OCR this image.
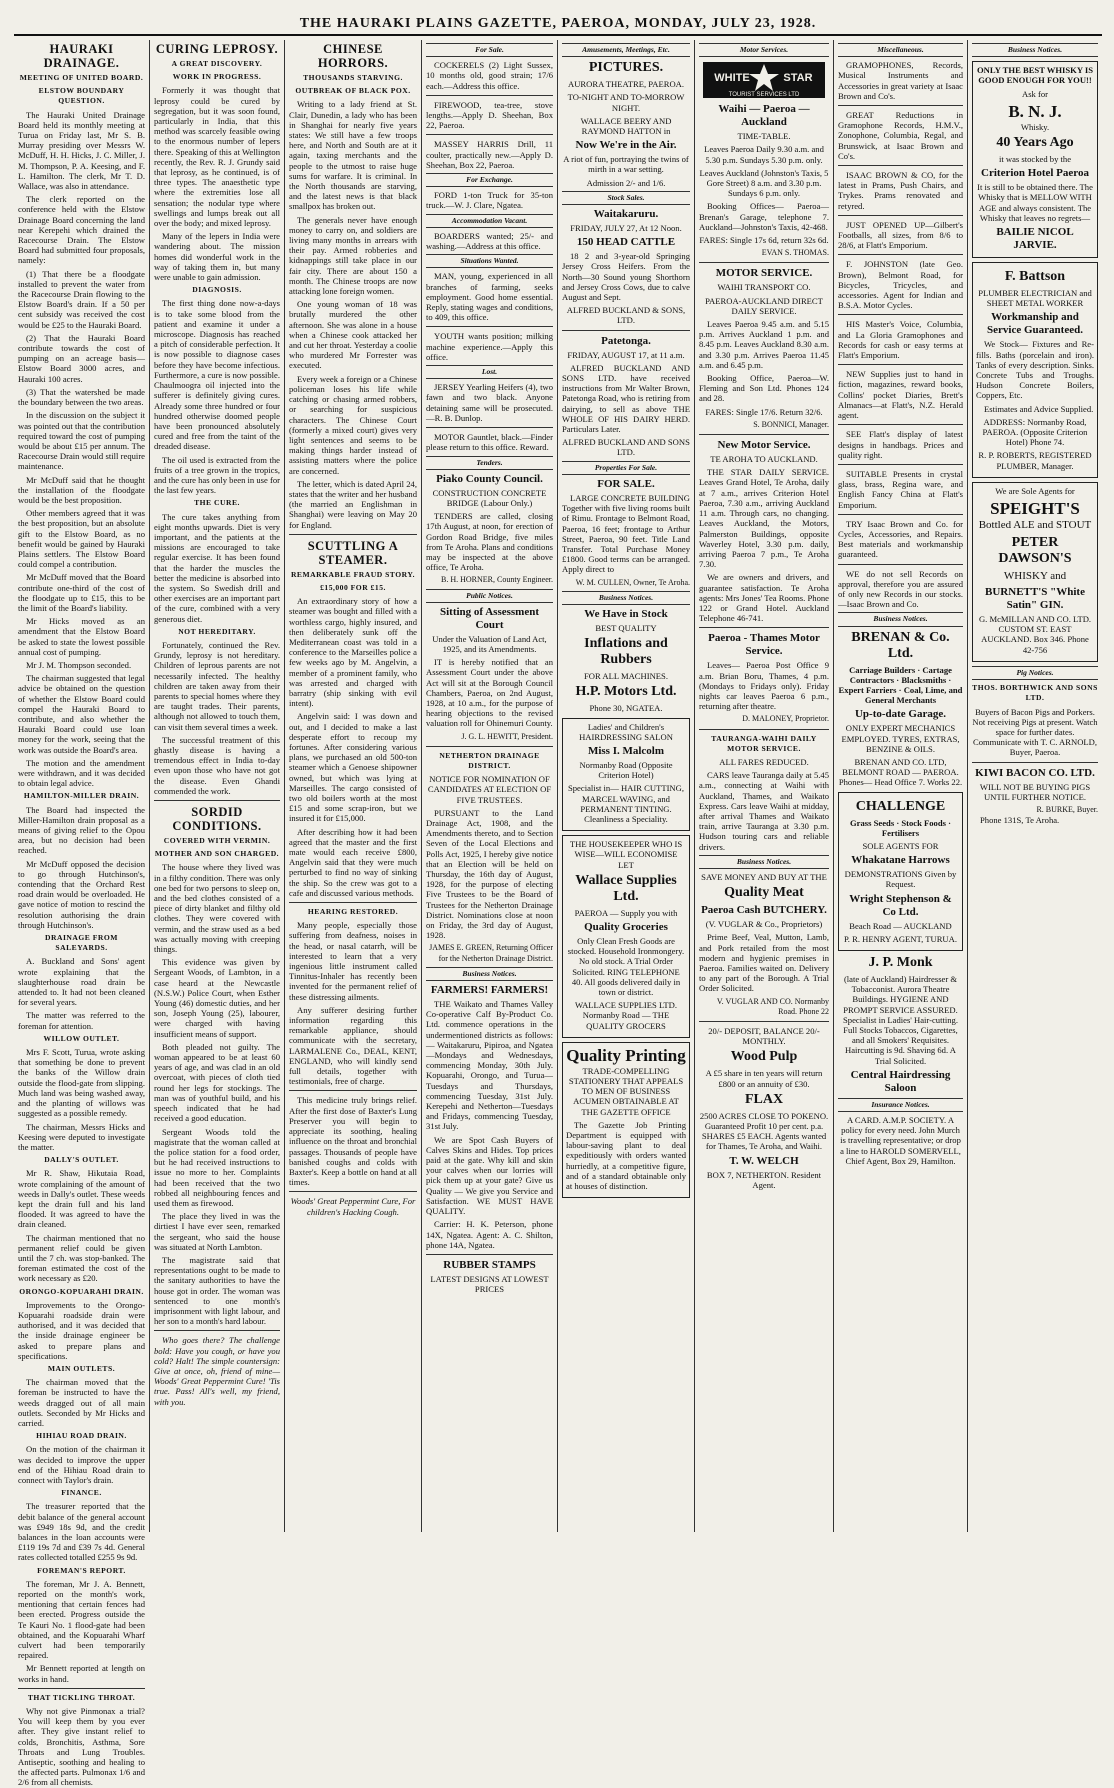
THE HAURAKI PLAINS GAZETTE, PAEROA, MONDAY, JULY 23, 1928.
HAURAKI DRAINAGE.
MEETING OF UNITED BOARD.
ELSTOW BOUNDARY QUESTION.

The Hauraki United Drainage Board held its monthly meeting at Turua on Friday last, Mr S. B. Murray presiding over Messrs W. McDuff, H. H. Hicks, J. C. Miller, J. M. Thompson, P. A. Keesing, and F. L. Hamilton. The clerk, Mr T. D. Wallace, was also in attendance.

The clerk reported on the conference held with the Elstow Drainage Board concerning the land near Kerepehi which drained the Racecourse Drain. The Elstow Board had submitted four proposals, namely:

(1) That there be a floodgate installed to prevent the water from the Racecourse Drain flowing to the Elstow Board's drain. If a 50 per cent subsidy was received the cost would be £25 to the Hauraki Board.

(2) That the Hauraki Board contribute towards the cost of pumping on an acreage basis—Elstow Board 3000 acres, and Hauraki 100 acres.

(3) That the watershed be made the boundary between the two areas.

In the discussion on the subject it was pointed out that the contribution required toward the cost of pumping would be about £15 per annum. The Racecourse Drain would still require maintenance.

Mr McDuff said that he thought the installation of the floodgate would be the best proposition.

Other members agreed that it was the best proposition, but an absolute gift to the Elstow Board, as no benefit would be gained by Hauraki Plains settlers. The Elstow Board could compel a contribution.

Mr McDuff moved that the Board contribute one-third of the cost of the floodgate up to £15, this to be the limit of the Board's liability.

Mr Hicks moved as an amendment that the Elstow Board be asked to state the lowest possible annual cost of pumping.

Mr J. M. Thompson seconded.

The chairman suggested that legal advice be obtained on the question of whether the Elstow Board could compel the Hauraki Board to contribute, and also whether the Hauraki Board could use loan money for the work, seeing that the work was outside the Board's area.

The motion and the amendment were withdrawn, and it was decided to obtain legal advice.

HAMILTON-MILLER DRAIN.

The Board had inspected the Miller-Hamilton drain proposal as a means of giving relief to the Opou area, but no decision had been reached.

Mr McDuff opposed the decision to go through Hutchinson's, contending that the Orchard Rest road drain would be overloaded. He gave notice of motion to rescind the resolution authorising the drain through Hutchinson's.

DRAINAGE FROM SALEYARDS.

A. Buckland and Sons' agent wrote explaining that the slaughterhouse road drain be attended to. It had not been cleaned for several years.

The matter was referred to the foreman for attention.

WILLOW OUTLET.

Mrs F. Scott, Turua, wrote asking that something be done to prevent the banks of the Willow drain outside the flood-gate from slipping. Much land was being washed away, and the planting of willows was suggested as a possible remedy.

The chairman, Messrs Hicks and Keesing were deputed to investigate the matter.

DALLY'S OUTLET.

Mr R. Shaw, Hikutaia Road, wrote complaining of the amount of weeds in Dally's outlet. These weeds kept the drain full and his land flooded. It was agreed to have the drain cleaned.

The chairman mentioned that no permanent relief could be given until the 7 ch. was stop-banked. The foreman estimated the cost of the work necessary as £20.

ORONGO-KOPUARAHI DRAIN.

Improvements to the Orongo-Kopuarahi roadside drain were authorised, and it was decided that the inside drainage engineer be asked to prepare plans and specifications.

MAIN OUTLETS.

The chairman moved that the foreman be instructed to have the weeds dragged out of all main outlets. Seconded by Mr Hicks and carried.

HIHIAU ROAD DRAIN.

On the motion of the chairman it was decided to improve the upper end of the Hihiau Road drain to connect with Taylor's drain.

FINANCE.

The treasurer reported that the debit balance of the general account was £949 18s 9d, and the credit balances in the loan accounts were £119 19s 7d and £39 7s 4d. General rates collected totalled £255 9s 9d.

FOREMAN'S REPORT.

The foreman, Mr J. A. Bennett, reported on the month's work, mentioning that certain fences had been erected. Progress outside the Te Kauri No. 1 flood-gate had been obtained, and the Kopuarahi Wharf culvert had been temporarily repaired.

Mr Bennett reported at length on works in hand.

THAT TICKLING THROAT.

Why not give Pinmonax a trial? You will keep them by you ever after. They give instant relief to colds, Bronchitis, Asthma, Sore Throats and Lung Troubles. Antiseptic, soothing and healing to the affected parts. Pulmonax 1/6 and 2/6 from all chemists.

CURING LEPROSY.
A GREAT DISCOVERY.
WORK IN PROGRESS.

Formerly it was thought that leprosy could be cured by segregation, but it was soon found, particularly in India, that this method was scarcely feasible owing to the enormous number of lepers there. Speaking of this at Wellington recently, the Rev. R. J. Grundy said that leprosy, as he continued, is of three types. The anaesthetic type where the extremities lose all sensation; the nodular type where swellings and lumps break out all over the body; and mixed leprosy.

Many of the lepers in India were wandering about. The mission homes did wonderful work in the way of taking them in, but many were unable to gain admission.

DIAGNOSIS.

The first thing done now-a-days is to take some blood from the patient and examine it under a microscope. Diagnosis has reached a pitch of considerable perfection. It is now possible to diagnose cases before they have become infectious. Furthermore, a cure is now possible. Chaulmoogra oil injected into the sufferer is definitely giving cures. Already some three hundred or four hundred otherwise doomed people have been pronounced absolutely cured and free from the taint of the dreaded disease.

The oil used is extracted from the fruits of a tree grown in the tropics, and the cure has only been in use for the last few years.

THE CURE.

The cure takes anything from eight months upwards. Diet is very important, and the patients at the missions are encouraged to take regular exercise. It has been found that the harder the muscles the better the medicine is absorbed into the system. So Swedish drill and other exercises are an important part of the cure, combined with a very generous diet.

NOT HEREDITARY.

Fortunately, continued the Rev. Grundy, leprosy is not hereditary. Children of leprous parents are not necessarily infected. The healthy children are taken away from their parents to special homes where they are taught trades. Their parents, although not allowed to touch them, can visit them several times a week.

The successful treatment of this ghastly disease is having a tremendous effect in India to-day even upon those who have not got the disease. Even Ghandi commended the work.

SORDID CONDITIONS.
COVERED WITH VERMIN.
MOTHER AND SON CHARGED.

The house where they lived was in a filthy condition. There was only one bed for two persons to sleep on, and the bed clothes consisted of a piece of dirty blanket and filthy old clothes. They were covered with vermin, and the straw used as a bed was actually moving with creeping things.

This evidence was given by Sergeant Woods, of Lambton, in a case heard at the Newcastle (N.S.W.) Police Court, when Esther Young (46) domestic duties, and her son, Joseph Young (25), labourer, were charged with having insufficient means of support.

Both pleaded not guilty. The woman appeared to be at least 60 years of age, and was clad in an old overcoat, with pieces of cloth tied round her legs for stockings. The man was of youthful build, and his speech indicated that he had received a good education.

Sergeant Woods told the magistrate that the woman called at the police station for a food order, but he had received instructions to issue no more to her. Complaints had been received that the two robbed all neighbouring fences and used them as firewood.

The place they lived in was the dirtiest I have ever seen, remarked the sergeant, who said the house was situated at North Lambton.

The magistrate said that representations ought to be made to the sanitary authorities to have the house got in order. The woman was sentenced to one month's imprisonment with light labour, and her son to a month's hard labour.

Who goes there? The challenge bold: Have you cough, or have you cold? Halt! The simple countersign: Give at once, oh, friend of mine—Woods' Great Peppermint Cure! 'Tis true. Pass! All's well, my friend, with you.

CHINESE HORRORS.
THOUSANDS STARVING.
OUTBREAK OF BLACK POX.

Writing to a lady friend at St. Clair, Dunedin, a lady who has been in Shanghai for nearly five years states: We still have a few troops here, and North and South are at it again, taxing merchants and the people to the utmost to raise huge sums for warfare. It is criminal. In the North thousands are starving, and the latest news is that black smallpox has broken out.

The generals never have enough money to carry on, and soldiers are living many months in arrears with their pay. Armed robberies and kidnappings still take place in our fair city. There are about 150 a month. The Chinese troops are now attacking lone foreign women.

One young woman of 18 was brutally murdered the other afternoon. She was alone in a house when a Chinese cook attacked her and cut her throat. Yesterday a coolie who murdered Mr Forrester was executed.

Every week a foreign or a Chinese policeman loses his life while catching or chasing armed robbers, or searching for suspicious characters. The Chinese Court (formerly a mixed court) gives very light sentences and seems to be making things harder instead of assisting matters where the police are concerned.

The letter, which is dated April 24, states that the writer and her husband (the married an Englishman in Shanghai) were leaving on May 20 for England.

SCUTTLING A STEAMER.
REMARKABLE FRAUD STORY.
£15,000 FOR £15.

An extraordinary story of how a steamer was bought and filled with a worthless cargo, highly insured, and then deliberately sunk off the Mediterranean coast was told in a conference to the Marseilles police a few weeks ago by M. Angelvin, a member of a prominent family, who was arrested and charged with barratry (ship sinking with evil intent).

Angelvin said: I was down and out, and I decided to make a last desperate effort to recoup my fortunes. After considering various plans, we purchased an old 500-ton steamer which a Genoese shipowner owned, but which was lying at Marseilles. The cargo consisted of two old boilers worth at the most £15 and some scrap-iron, but we insured it for £15,000.

After describing how it had been agreed that the master and the first mate would each receive £800, Angelvin said that they were much perturbed to find no way of sinking the ship. So the crew was got to a cafe and discussed various methods.

HEARING RESTORED.

Many people, especially those suffering from deafness, noises in the head, or nasal catarrh, will be interested to learn that a very ingenious little instrument called Tinnitus-Inhaler has recently been invented for the permanent relief of these distressing ailments.

Any sufferer desiring further information regarding this remarkable appliance, should communicate with the secretary, LARMALENE Co., DEAL, KENT, ENGLAND, who will kindly send full details, together with testimonials, free of charge.

This medicine truly brings relief. After the first dose of Baxter's Lung Preserver you will begin to appreciate its soothing, healing influence on the throat and bronchial passages. Thousands of people have banished coughs and colds with Baxter's. Keep a bottle on hand at all times.

Woods' Great Peppermint Cure, For children's Hacking Cough.

For Sale.

COCKERELS (2) Light Sussex, 10 months old, good strain; 17/6 each.—Address this office.

FIREWOOD, tea-tree, stove lengths.—Apply D. Sheehan, Box 22, Paeroa.

MASSEY HARRIS Drill, 11 coulter, practically new.—Apply D. Sheehan, Box 22, Paeroa.

For Exchange.

FORD 1-ton Truck for 35-ton truck.—W. J. Clare, Ngatea.

Accommodation Vacant.

BOARDERS wanted; 25/- and washing.—Address at this office.

Situations Wanted.

MAN, young, experienced in all branches of farming, seeks employment. Good home essential. Reply, stating wages and conditions, to 409, this office.

YOUTH wants position; milking machine experience.—Apply this office.

Lost.

JERSEY Yearling Heifers (4), two fawn and two black. Anyone detaining same will be prosecuted.—R. B. Dunlop.

MOTOR Gauntlet, black.—Finder please return to this office. Reward.

Tenders.
Piako County Council.

CONSTRUCTION CONCRETE BRIDGE (Labour Only.)

TENDERS are called, closing 17th August, at noon, for erection of Gordon Road Bridge, five miles from Te Aroha. Plans and conditions may be inspected at the above office, Te Aroha.

B. H. HORNER, County Engineer.
Public Notices.
Sitting of Assessment Court

Under the Valuation of Land Act, 1925, and its Amendments.

IT is hereby notified that an Assessment Court under the above Act will sit at the Borough Council Chambers, Paeroa, on 2nd August, 1928, at 10 a.m., for the purpose of hearing objections to the revised valuation roll for Ohinemuri County.

J. G. L. HEWITT, President.
NETHERTON DRAINAGE DISTRICT.

NOTICE FOR NOMINATION OF CANDIDATES AT ELECTION OF FIVE TRUSTEES.

PURSUANT to the Land Drainage Act, 1908, and the Amendments thereto, and to Section Seven of the Local Elections and Polls Act, 1925, I hereby give notice that an Election will be held on Thursday, the 16th day of August, 1928, for the purpose of electing Five Trustees to be the Board of Trustees for the Netherton Drainage District. Nominations close at noon on Friday, the 3rd day of August, 1928.

JAMES E. GREEN, Returning Officer for the Netherton Drainage District.
Business Notices.
FARMERS! FARMERS!

THE Waikato and Thames Valley Co-operative Calf By-Product Co. Ltd. commence operations in the undermentioned districts as follows:— Waitakaruru, Pipiroa, and Ngatea—Mondays and Wednesdays, commencing Monday, 30th July. Kopuarahi, Orongo, and Turua—Tuesdays and Thursdays, commencing Tuesday, 31st July. Kerepehi and Netherton—Tuesdays and Fridays, commencing Tuesday, 31st July.

We are Spot Cash Buyers of Calves Skins and Hides. Top prices paid at the gate. Why kill and skin your calves when our lorries will pick them up at your gate? Give us Quality — We give you Service and Satisfaction. WE MUST HAVE QUALITY.

Carrier: H. K. Peterson, phone 14X, Ngatea. Agent: A. C. Shilton, phone 14A, Ngatea.

RUBBER STAMPS

LATEST DESIGNS AT LOWEST PRICES

Amusements, Meetings, Etc.
PICTURES.

AURORA THEATRE, PAEROA.

TO-NIGHT AND TO-MORROW NIGHT.

WALLACE BEERY AND RAYMOND HATTON in

Now We're in the Air.

A riot of fun, portraying the twins of mirth in a war setting.

Admission 2/- and 1/6.

Stock Sales.
Waitakaruru.

FRIDAY, JULY 27, At 12 Noon.

150 HEAD CATTLE

18 2 and 3-year-old Springing Jersey Cross Heifers. From the North—30 Sound young Shorthorn and Jersey Cross Cows, due to calve August and Sept.

ALFRED BUCKLAND & SONS, LTD.

Patetonga.

FRIDAY, AUGUST 17, at 11 a.m.

ALFRED BUCKLAND AND SONS LTD. have received instructions from Mr Walter Brown, Patetonga Road, who is retiring from dairying, to sell as above THE WHOLE OF HIS DAIRY HERD. Particulars Later.

ALFRED BUCKLAND AND SONS LTD.

Properties For Sale.
FOR SALE.

LARGE CONCRETE BUILDING Together with five living rooms built of Rimu. Frontage to Belmont Road, Paeroa, 16 feet; frontage to Arthur Street, Paeroa, 90 feet. Title Land Transfer. Total Purchase Money £1800. Good terms can be arranged. Apply direct to

W. M. CULLEN, Owner, Te Aroha.
Business Notices.
We Have in Stock

BEST QUALITY

Inflations and Rubbers

FOR ALL MACHINES.

H.P. Motors Ltd.

Phone 30, NGATEA.

Ladies' and Children's HAIRDRESSING SALON

Miss I. Malcolm

Normanby Road (Opposite Criterion Hotel)

Specialist in— HAIR CUTTING, MARCEL WAVING, and PERMANENT TINTING. Cleanliness a Speciality.

THE HOUSEKEEPER WHO IS WISE—WILL ECONOMISE LET

Wallace Supplies Ltd.

PAEROA — Supply you with

Quality Groceries

Only Clean Fresh Goods are stocked. Household Ironmongery. No old stock. A Trial Order Solicited. RING TELEPHONE 40. All goods delivered daily in town or district.

WALLACE SUPPLIES LTD. Normanby Road — THE QUALITY GROCERS

Quality Printing

TRADE-COMPELLING STATIONERY THAT APPEALS TO MEN OF BUSINESS ACUMEN OBTAINABLE AT THE GAZETTE OFFICE

The Gazette Job Printing Department is equipped with labour-saving plant to deal expeditiously with orders wanted hurriedly, at a competitive figure, and of a standard obtainable only at houses of distinction.

Motor Services.
WHITE	STAR
TOURIST SERVICES LTD
Waihi — Paeroa — Auckland

TIME-TABLE.

Leaves Paeroa Daily 9.30 a.m. and 5.30 p.m. Sundays 5.30 p.m. only.

Leaves Auckland (Johnston's Taxis, 5 Gore Street) 8 a.m. and 3.30 p.m. Sundays 6 p.m. only.

Booking Offices— Paeroa—Brenan's Garage, telephone 7. Auckland—Johnston's Taxis, 42-468.

FARES: Single 17s 6d, return 32s 6d.

EVAN S. THOMAS.
MOTOR SERVICE.

WAIHI TRANSPORT CO.

PAEROA-AUCKLAND DIRECT DAILY SERVICE.

Leaves Paeroa 9.45 a.m. and 5.15 p.m. Arrives Auckland 1 p.m. and 8.45 p.m. Leaves Auckland 8.30 a.m. and 3.30 p.m. Arrives Paeroa 11.45 a.m. and 6.45 p.m.

Booking Office, Paeroa—W. Fleming and Son Ltd. Phones 124 and 28.

FARES: Single 17/6. Return 32/6.

S. BONNICI, Manager.
New Motor Service.

TE AROHA TO AUCKLAND.

THE STAR DAILY SERVICE. Leaves Grand Hotel, Te Aroha, daily at 7 a.m., arrives Criterion Hotel Paeroa, 7.30 a.m., arriving Auckland 11 a.m. Through cars, no changing. Leaves Auckland, the Motors, Palmerston Buildings, opposite Waverley Hotel, 3.30 p.m. daily, arriving Paeroa 7 p.m., Te Aroha 7.30.

We are owners and drivers, and guarantee satisfaction. Te Aroha agents: Mrs Jones' Tea Rooms. Phone 122 or Grand Hotel. Auckland Telephone 46-741.

Paeroa - Thames Motor Service.

Leaves— Paeroa Post Office 9 a.m. Brian Boru, Thames, 4 p.m. (Mondays to Fridays only). Friday nights car leaves Paeroa 6 p.m., returning after theatre.

D. MALONEY, Proprietor.
TAURANGA-WAIHI DAILY MOTOR SERVICE.

ALL FARES REDUCED.

CARS leave Tauranga daily at 5.45 a.m., connecting at Waihi with Auckland, Thames, and Waikato Express. Cars leave Waihi at midday, after arrival Thames and Waikato train, arrive Tauranga at 3.30 p.m. Hudson touring cars and reliable drivers.

Business Notices.

SAVE MONEY AND BUY AT THE

Quality Meat
Paeroa Cash BUTCHERY.

(V. VUGLAR & Co., Proprietors)

Prime Beef, Veal, Mutton, Lamb, and Pork retailed from the most modern and hygienic premises in Paeroa. Families waited on. Delivery to any part of the Borough. A Trial Order Solicited.

V. VUGLAR AND CO. Normanby Road. Phone 22

20/- DEPOSIT, BALANCE 20/- MONTHLY.

Wood Pulp

A £5 share in ten years will return £800 or an annuity of £30.

FLAX

2500 ACRES CLOSE TO POKENO. Guaranteed Profit 10 per cent. p.a. SHARES £5 EACH. Agents wanted for Thames, Te Aroha, and Waihi.

T. W. WELCH

BOX 7, NETHERTON. Resident Agent.

Miscellaneous.

GRAMOPHONES, Records, Musical Instruments and Accessories in great variety at Isaac Brown and Co's.

GREAT Reductions in Gramophone Records, H.M.V., Zonophone, Columbia, Regal, and Brunswick, at Isaac Brown and Co's.

ISAAC BROWN & CO, for the latest in Prams, Push Chairs, and Trykes. Prams renovated and retyred.

JUST OPENED UP—Gilbert's Footballs, all sizes, from 8/6 to 28/6, at Flatt's Emporium.

F. JOHNSTON (late Geo. Brown), Belmont Road, for Bicycles, Tricycles, and accessories. Agent for Indian and B.S.A. Motor Cycles.

HIS Master's Voice, Columbia, and La Gloria Gramophones and Records for cash or easy terms at Flatt's Emporium.

NEW Supplies just to hand in fiction, magazines, reward books, Collins' pocket Diaries, Brett's Almanacs—at Flatt's, N.Z. Herald agent.

SEE Flatt's display of latest designs in handbags. Prices and quality right.

SUITABLE Presents in crystal glass, brass, Regina ware, and English Fancy China at Flatt's Emporium.

TRY Isaac Brown and Co. for Cycles, Accessories, and Repairs. Best materials and workmanship guaranteed.

WE do not sell Records on approval, therefore you are assured of only new Records in our stocks.—Isaac Brown and Co.

Business Notices.
BRENAN & Co. Ltd.

Carriage Builders · Cartage Contractors · Blacksmiths · Expert Farriers · Coal, Lime, and General Merchants

Up-to-date Garage.

ONLY EXPERT MECHANICS EMPLOYED. TYRES, EXTRAS, BENZINE & OILS.

BRENAN AND CO. LTD, BELMONT ROAD — PAEROA. Phones— Head Office 7. Works 22.

CHALLENGE

Grass Seeds · Stock Foods · Fertilisers

SOLE AGENTS FOR

Whakatane Harrows

DEMONSTRATIONS Given by Request.

Wright Stephenson & Co Ltd.

Beach Road — AUCKLAND

P. R. HENRY AGENT, TURUA.

J. P. Monk

(late of Auckland) Hairdresser & Tobacconist. Aurora Theatre Buildings. HYGIENE AND PROMPT SERVICE ASSURED. Specialist in Ladies' Hair-cutting. Full Stocks Tobaccos, Cigarettes, and all Smokers' Requisites. Haircutting is 9d. Shaving 6d. A Trial Solicited.

Central Hairdressing Saloon
Insurance Notices.

A CARD. A.M.P. SOCIETY. A policy for every need. John Murch is travelling representative; or drop a line to HAROLD SOMERVELL, Chief Agent, Box 29, Hamilton.

Business Notices.

ONLY THE BEST WHISKY IS GOOD ENOUGH FOR YOU!!

Ask for

B. N. J.

Whisky.

40 Years Ago

it was stocked by the

Criterion Hotel Paeroa

It is still to be obtained there. The Whisky that is MELLOW WITH AGE and always consistent. The Whisky that leaves no regrets—

BAILIE NICOL JARVIE.
F. Battson

PLUMBER ELECTRICIAN and SHEET METAL WORKER

Workmanship and Service Guaranteed.

We Stock— Fixtures and Re-fills. Baths (porcelain and iron). Tanks of every description. Sinks. Concrete Tubs and Troughs. Hudson Concrete Boilers, Coppers, Etc.

Estimates and Advice Supplied.

ADDRESS: Normanby Road, PAEROA. (Opposite Criterion Hotel) Phone 74.

R. P. ROBERTS, REGISTERED PLUMBER, Manager.

We are Sole Agents for

SPEIGHT'S

Bottled ALE and STOUT

PETER DAWSON'S

WHISKY and

BURNETT'S "White Satin" GIN.

G. McMILLAN AND CO. LTD. CUSTOM ST. EAST AUCKLAND. Box 346. Phone 42-756

Pig Notices.
THOS. BORTHWICK AND SONS LTD.

Buyers of Bacon Pigs and Porkers. Not receiving Pigs at present. Watch space for further dates. Communicate with T. C. ARNOLD, Buyer, Paeroa.

KIWI BACON CO. LTD.

WILL NOT BE BUYING PIGS UNTIL FURTHER NOTICE.

R. BURKE, Buyer.

Phone 131S, Te Aroha.
